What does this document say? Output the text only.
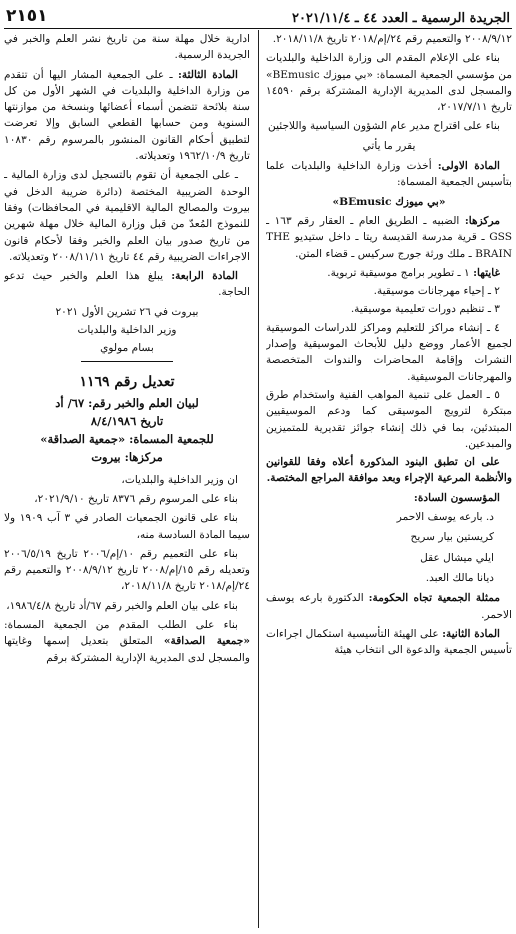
الجريدة الرسمية ـ العدد ٤٤ ـ ٢٠٢١/١١/٤
٢١٥١

٢٠٠٨/٩/١٢ والتعميم رقم ٢٤/إم/٢٠١٨ تاريخ ٢٠١٨/١١/٨.

بناء على الإعلام المقدم الى وزارة الداخلية والبلديات من مؤسسي الجمعية المسماة: «بي ميوزك BEmusic» والمسجل لدى المديرية الإدارية المشتركة برقم ١٤٥٩٠ تاريخ ٢٠١٧/٧/١١،

بناء على اقتراح مدير عام الشؤون السياسية واللاجئين

يقرر ما يأتي

المادة الاولى: أخذت وزارة الداخلية والبلديات علما بتأسيس الجمعية المسماة:

«بي ميوزك BEmusic»

مركزها: الضبيه ـ الطريق العام ـ العقار رقم ١٦٣ ـ GSS ـ قرية مدرسة القديسة ريتا ـ داخل ستيديو THE BRAIN ـ ملك ورثة جورج سركيس ـ قضاء المتن.

غايتها: ١ ـ تطوير برامج موسيقية تربوية.

٢ ـ إحياء مهرجانات موسيقية.

٣ ـ تنظيم دورات تعليمية موسيقية.

٤ ـ إنشاء مراكز للتعليم ومراكز للدراسات الموسيقية لجميع الأعمار ووضع دليل للأبحاث الموسيقية وإصدار النشرات وإقامة المحاضرات والندوات المتخصصة والمهرجانات الموسيقية.

٥ ـ العمل على تنمية المواهب الفنية واستخدام طرق مبتكرة لترويج الموسيقى كما ودعم الموسيقيين المبتدئين، بما في ذلك إنشاء جوائز تقديرية للمتميزين والمبدعين.

على ان تطبق البنود المذكورة أعلاه وفقا للقوانين والأنظمة المرعية الإجراء وبعد موافقة المراجع المختصة.

المؤسسون السادة:

د. بارعه يوسف الاحمر

كريستين بيار سريح

ايلي ميشال عقل

ديانا مالك العبد.

ممثلة الجمعية تجاه الحكومة: الدكتورة بارعه يوسف الاحمر.

المادة الثانية: على الهيئة التأسيسية استكمال اجراءات تأسيس الجمعية والدعوة الى انتخاب هيئة

ادارية خلال مهلة سنة من تاريخ نشر العلم والخبر في الجريدة الرسمية.

المادة الثالثة: ـ على الجمعية المشار اليها أن تتقدم من وزارة الداخلية والبلديات في الشهر الأول من كل سنة بلائحة تتضمن أسماء أعضائها وبنسخة من موازنتها السنوية ومن حسابها القطعي السابق وإلا تعرضت لتطبيق أحكام القانون المنشور بالمرسوم رقم ١٠٨٣٠ تاريخ ١٩٦٢/١٠/٩ وتعديلاته.

ـ على الجمعية أن تقوم بالتسجيل لدى وزارة المالية ـ الوحدة الضريبية المختصة (دائرة ضريبة الدخل في بيروت والمصالح المالية الاقليمية في المحافظات) وفقا للنموذج المُعدّ من قبل وزارة المالية خلال مهلة شهرين من تاريخ صدور بيان العلم والخبر وفقا لأحكام قانون الاجراءات الضريبية رقم ٤٤ تاريخ ٢٠٠٨/١١/١١ وتعديلاته.

المادة الرابعة: يبلغ هذا العلم والخبر حيث تدعو الحاجة.

بيروت في ٢٦ تشرين الأول ٢٠٢١

وزير الداخلية والبلديات

بسام مولوي

تعديل رقم ١١٦٩

لبيان العلم والخبر رقم: ٦٧/ أد

تاريخ ٨/٤/١٩٨٦

للجمعية المسماة: «جمعية الصداقة»

مركزها: بيروت

ان وزير الداخلية والبلديات،

بناء على المرسوم رقم ٨٣٧٦ تاريخ ٢٠٢١/٩/١٠،

بناء على قانون الجمعيات الصادر في ٣ آب ١٩٠٩ ولا سيما المادة السادسة منه،

بناء على التعميم رقم ١٠/إم/٢٠٠٦ تاريخ ٢٠٠٦/٥/١٩ وتعديله رقم ١٥/إم/٢٠٠٨ تاريخ ٢٠٠٨/٩/١٢ والتعميم رقم ٢٤/إم/٢٠١٨ تاريخ ٢٠١٨/١١/٨،

بناء على بيان العلم والخبر رقم ٦٧/أد تاريخ ١٩٨٦/٤/٨،

بناء على الطلب المقدم من الجمعية المسماة: «جمعية الصداقة» المتعلق بتعديل إسمها وغايتها والمسجل لدى المديرية الإدارية المشتركة برقم
